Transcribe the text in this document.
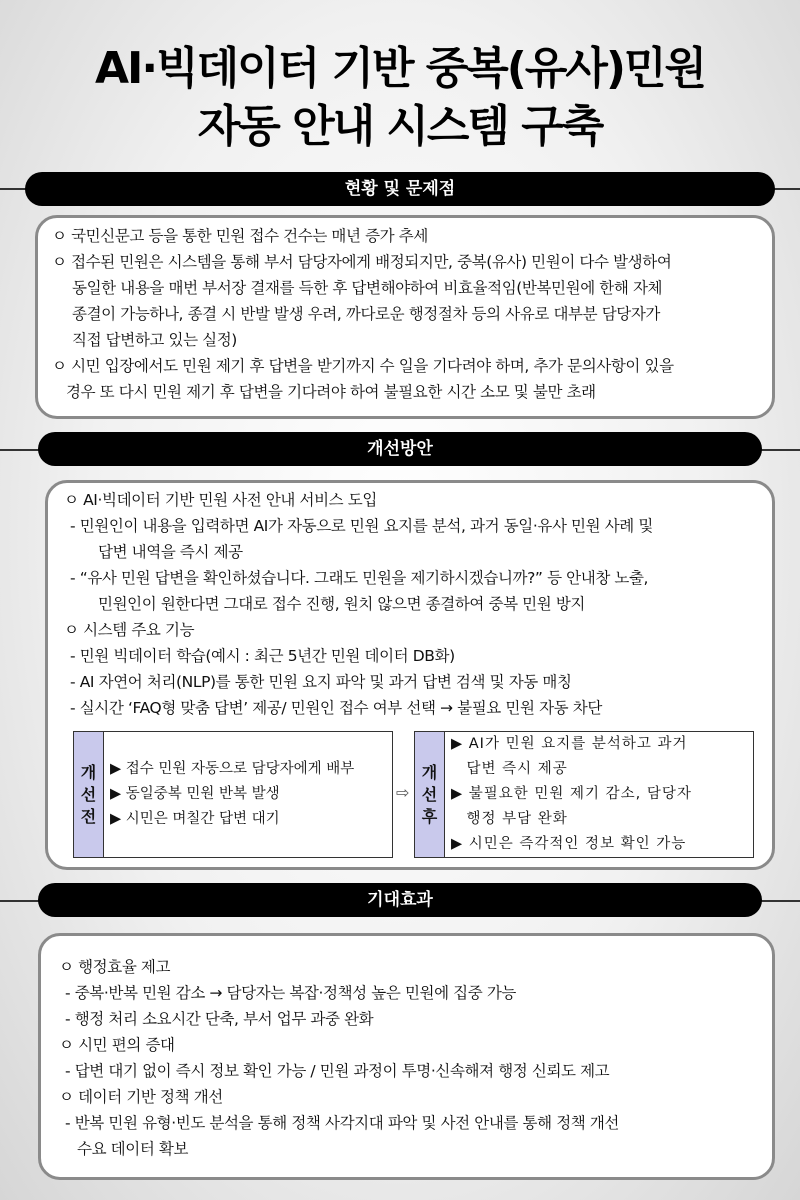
AI·빅데이터 기반 중복(유사)민원
자동 안내 시스템 구축
현황 및 문제점
ㅇ 국민신문고 등을 통한 민원 접수 건수는 매년 증가 추세
ㅇ 접수된 민원은 시스템을 통해 부서 담당자에게 배정되지만, 중복(유사) 민원이 다수 발생하여
동일한 내용을 매번 부서장 결재를 득한 후 답변해야하여 비효율적임(반복민원에 한해 자체
종결이 가능하나, 종결 시 반발 발생 우려, 까다로운 행정절차 등의 사유로 대부분 담당자가
직접 답변하고 있는 실정)
ㅇ 시민 입장에서도 민원 제기 후 답변을 받기까지 수 일을 기다려야 하며, 추가 문의사항이 있을
경우 또 다시 민원 제기 후 답변을 기다려야 하여 불필요한 시간 소모 및 불만 초래
개선방안
ㅇ AI·빅데이터 기반 민원 사전 안내 서비스 도입
- 민원인이 내용을 입력하면 AI가 자동으로 민원 요지를 분석, 과거 동일·유사 민원 사례 및
답변 내역을 즉시 제공
- “유사 민원 답변을 확인하셨습니다. 그래도 민원을 제기하시겠습니까?” 등 안내창 노출,
민원인이 원한다면 그대로 접수 진행, 원치 않으면 종결하여 중복 민원 방지
ㅇ 시스템 주요 기능
- 민원 빅데이터 학습(예시 : 최근 5년간 민원 데이터 DB화)
- AI 자연어 처리(NLP)를 통한 민원 요지 파악 및 과거 답변 검색 및 자동 매칭
- 실시간 ‘FAQ형 맞춤 답변’ 제공/ 민원인 접수 여부 선택 → 불필요 민원 자동 차단
개
선
전
▶ 접수 민원 자동으로 담당자에게 배부
▶ 동일중복 민원 반복 발생
▶ 시민은 며칠간 답변 대기
⇨
개
선
후
▶ AI가 민원 요지를 분석하고 과거
　답변 즉시 제공
▶ 불필요한 민원 제기 감소, 담당자
　행정 부담 완화
▶ 시민은 즉각적인 정보 확인 가능
기대효과
ㅇ 행정효율 제고
- 중복·반복 민원 감소 → 담당자는 복잡·정책성 높은 민원에 집중 가능
- 행정 처리 소요시간 단축, 부서 업무 과중 완화
ㅇ 시민 편의 증대
- 답변 대기 없이 즉시 정보 확인 가능 / 민원 과정이 투명·신속해져 행정 신뢰도 제고
ㅇ 데이터 기반 정책 개선
- 반복 민원 유형·빈도 분석을 통해 정책 사각지대 파악 및 사전 안내를 통해 정책 개선
수요 데이터 확보
